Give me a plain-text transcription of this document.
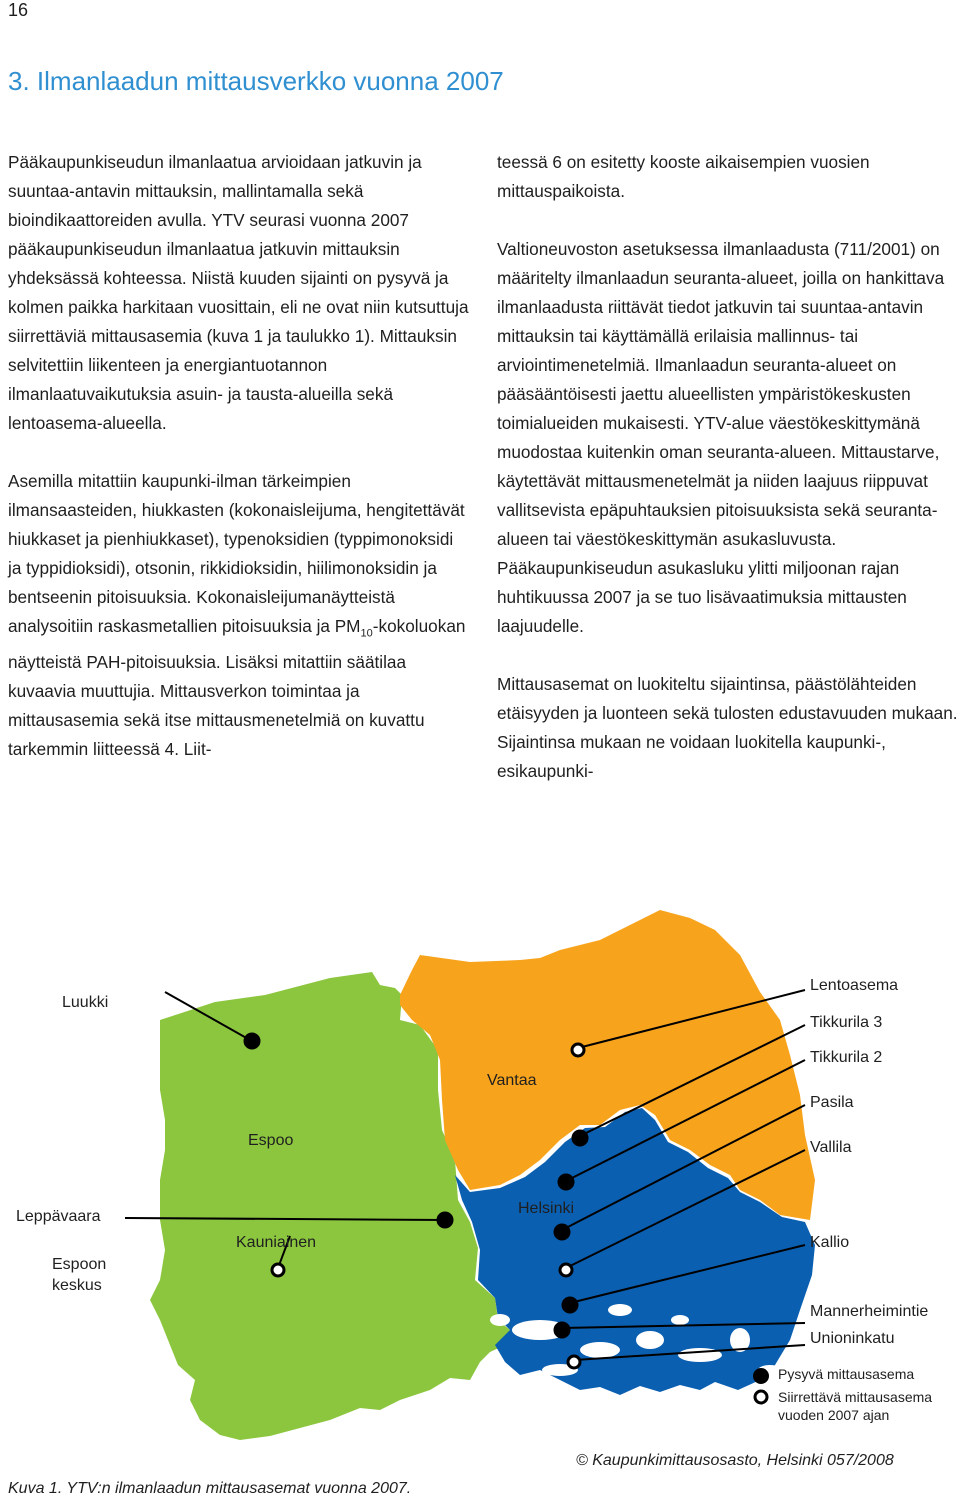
16
3. Ilmanlaadun mittausverkko vuonna 2007

Pääkaupunkiseudun ilmanlaatua arvioidaan jatkuvin ja suuntaa-antavin mittauksin, mallintamalla sekä bioindikaattoreiden avulla. YTV seurasi vuonna 2007 pääkaupunkiseudun ilmanlaatua jatkuvin mittauksin yhdeksässä kohteessa. Niistä kuuden sijainti on pysyvä ja kolmen paikka harkitaan vuosittain, eli ne ovat niin kutsuttuja siirrettäviä mittausasemia (kuva 1 ja taulukko 1). Mittauksin selvitettiin liikenteen ja energiantuotannon ilmanlaatuvaikutuksia asuin- ja tausta-alueilla sekä lentoasema-alueella.

Asemilla mitattiin kaupunki-ilman tärkeimpien ilmansaasteiden, hiukkasten (kokonaisleijuma, hengitettävät hiukkaset ja pienhiukkaset), typenoksidien (typpimonoksidi ja typpidioksidi), otsonin, rikkidioksidin, hiilimonoksidin ja bentseenin pitoisuuksia. Kokonaisleijumanäytteistä analysoitiin raskasmetallien pitoisuuksia ja $PM_{10}$-kokoluokan näytteistä PAH-pitoisuuksia. Lisäksi mitattiin säätilaa kuvaavia muuttujia. Mittausverkon toimintaa ja mittausasemia sekä itse mittausmenetelmiä on kuvattu tarkemmin liitteessä 4. Liit-

teessä 6 on esitetty kooste aikaisempien vuosien mittauspaikoista.

Valtioneuvoston asetuksessa ilmanlaadusta (711/2001) on määritelty ilmanlaadun seuranta-alueet, joilla on hankittava ilmanlaadusta riittävät tiedot jatkuvin tai suuntaa-antavin mittauksin tai käyttämällä erilaisia mallinnus- tai arviointimenetelmiä. Ilmanlaadun seuranta-alueet on pääsääntöisesti jaettu alueellisten ympäristökeskusten toimialueiden mukaisesti. YTV-alue väestökeskittymänä muodostaa kuitenkin oman seuranta-alueen. Mittaustarve, käytettävät mittausmenetelmät ja niiden laajuus riippuvat vallitsevista epäpuhtauksien pitoisuuksista sekä seuranta-alueen tai väestökeskittymän asukasluvusta. Pääkaupunkiseudun asukasluku ylitti miljoonan rajan huhtikuussa 2007 ja se tuo lisävaatimuksia mittausten laajuudelle.

Mittausasemat on luokiteltu sijaintinsa, päästölähteiden etäisyyden ja luonteen sekä tulosten edustavuuden mukaan. Sijaintinsa mukaan ne voidaan luokitella kaupunki-, esikaupunki-

Luukki
Espoo
Vantaa
Helsinki
Leppävaara
Espoon
keskus
Kauniainen
Lentoasema
Tikkurila 3
Tikkurila 2
Pasila
Vallila
Kallio
Mannerheimintie
Unioninkatu
Pysyvä mittausasema
Siirrettävä mittausasema
vuoden 2007 ajan
© Kaupunkimittausosasto, Helsinki 057/2008
Kuva 1. YTV:n ilmanlaadun mittausasemat vuonna 2007.
